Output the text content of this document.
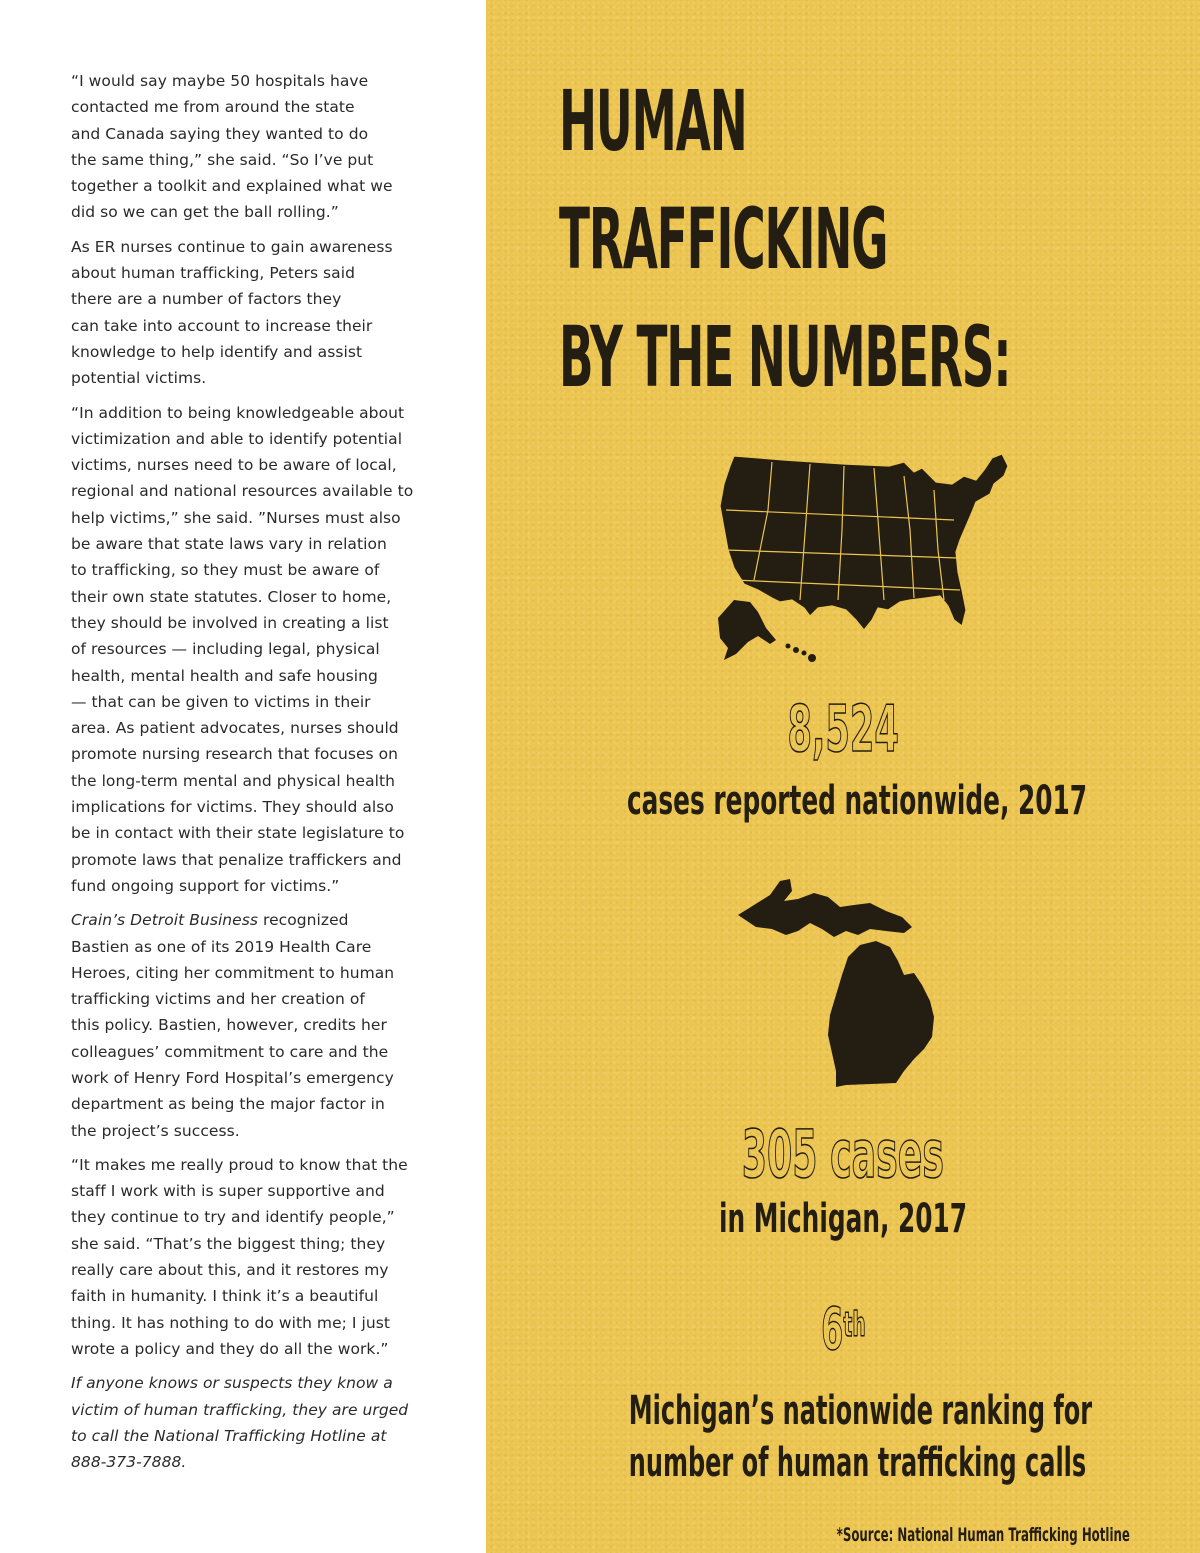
“I would say maybe 50 hospitals have
contacted me from around the state
and Canada saying they wanted to do
the same thing,” she said. “So I’ve put
together a toolkit and explained what we
did so we can get the ball rolling.”

As ER nurses continue to gain awareness
about human trafficking, Peters said
there are a number of factors they
can take into account to increase their
knowledge to help identify and assist
potential victims.

“In addition to being knowledgeable about
victimization and able to identify potential
victims, nurses need to be aware of local,
regional and national resources available to
help victims,” she said. ”Nurses must also
be aware that state laws vary in relation
to trafficking, so they must be aware of
their own state statutes. Closer to home,
they should be involved in creating a list
of resources — including legal, physical
health, mental health and safe housing
— that can be given to victims in their
area. As patient advocates, nurses should
promote nursing research that focuses on
the long-term mental and physical health
implications for victims. They should also
be in contact with their state legislature to
promote laws that penalize traffickers and
fund ongoing support for victims.”

Crain’s Detroit Business recognized
Bastien as one of its 2019 Health Care
Heroes, citing her commitment to human
trafficking victims and her creation of
this policy. Bastien, however, credits her
colleagues’ commitment to care and the
work of Henry Ford Hospital’s emergency
department as being the major factor in
the project’s success.

“It makes me really proud to know that the
staff I work with is super supportive and
they continue to try and identify people,”
she said. “That’s the biggest thing; they
really care about this, and it restores my
faith in humanity. I think it’s a beautiful
thing. It has nothing to do with me; I just
wrote a policy and they do all the work.”

If anyone knows or suspects they know a
victim of human trafficking, they are urged
to call the National Trafficking Hotline at
888-373-7888.

HUMAN
TRAFFICKING
BY THE NUMBERS:
8,524
cases reported nationwide, 2017
305 cases
in Michigan, 2017
6th
Michigan’s nationwide ranking for
number of human trafficking calls
*Source: National Human Trafficking Hotline
